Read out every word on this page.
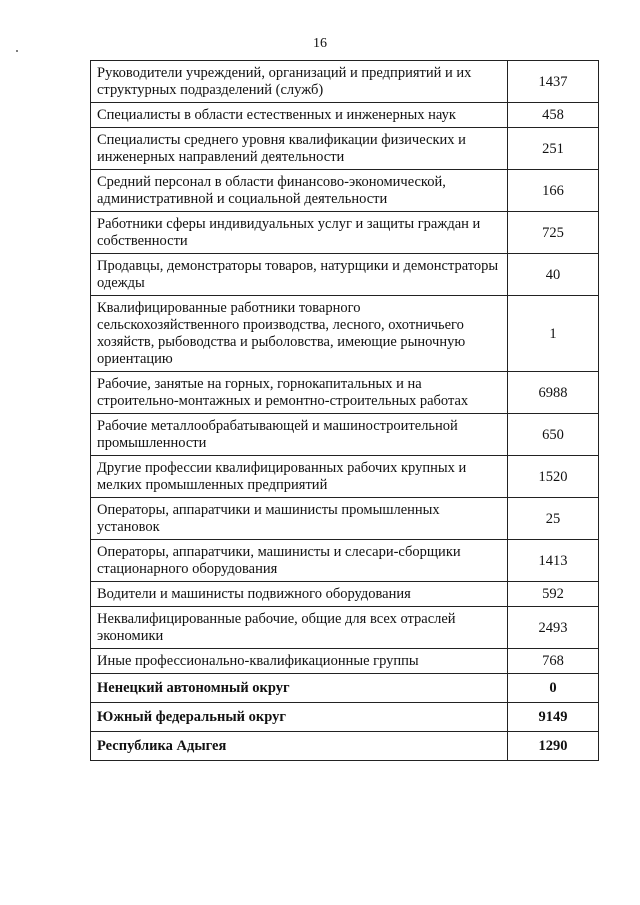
16
Руководители учреждений, организаций и предприятий и их структурных подразделений (служб)	1437
Специалисты в области естественных и инженерных наук	458
Специалисты среднего уровня квалификации физических и инженерных направлений деятельности	251
Средний персонал в области финансово-экономической, административной и социальной деятельности	166
Работники сферы индивидуальных услуг и защиты граждан и собственности	725
Продавцы, демонстраторы товаров, натурщики и демонстраторы одежды	40
Квалифицированные работники товарного сельскохозяйственного производства, лесного, охотничьего хозяйств, рыбоводства и рыболовства, имеющие рыночную ориентацию	1
Рабочие, занятые на горных, горнокапитальных и на строительно-монтажных и ремонтно-строительных работах	6988
Рабочие металлообрабатывающей и машиностроительной промышленности	650
Другие профессии квалифицированных рабочих крупных и мелких промышленных предприятий	1520
Операторы, аппаратчики и машинисты промышленных установок	25
Операторы, аппаратчики, машинисты и слесари-сборщики стационарного оборудования	1413
Водители и машинисты подвижного оборудования	592
Неквалифицированные рабочие, общие для всех отраслей экономики	2493
Иные профессионально-квалификационные группы	768
Ненецкий автономный округ	0
Южный федеральный округ	9149
Республика Адыгея	1290
